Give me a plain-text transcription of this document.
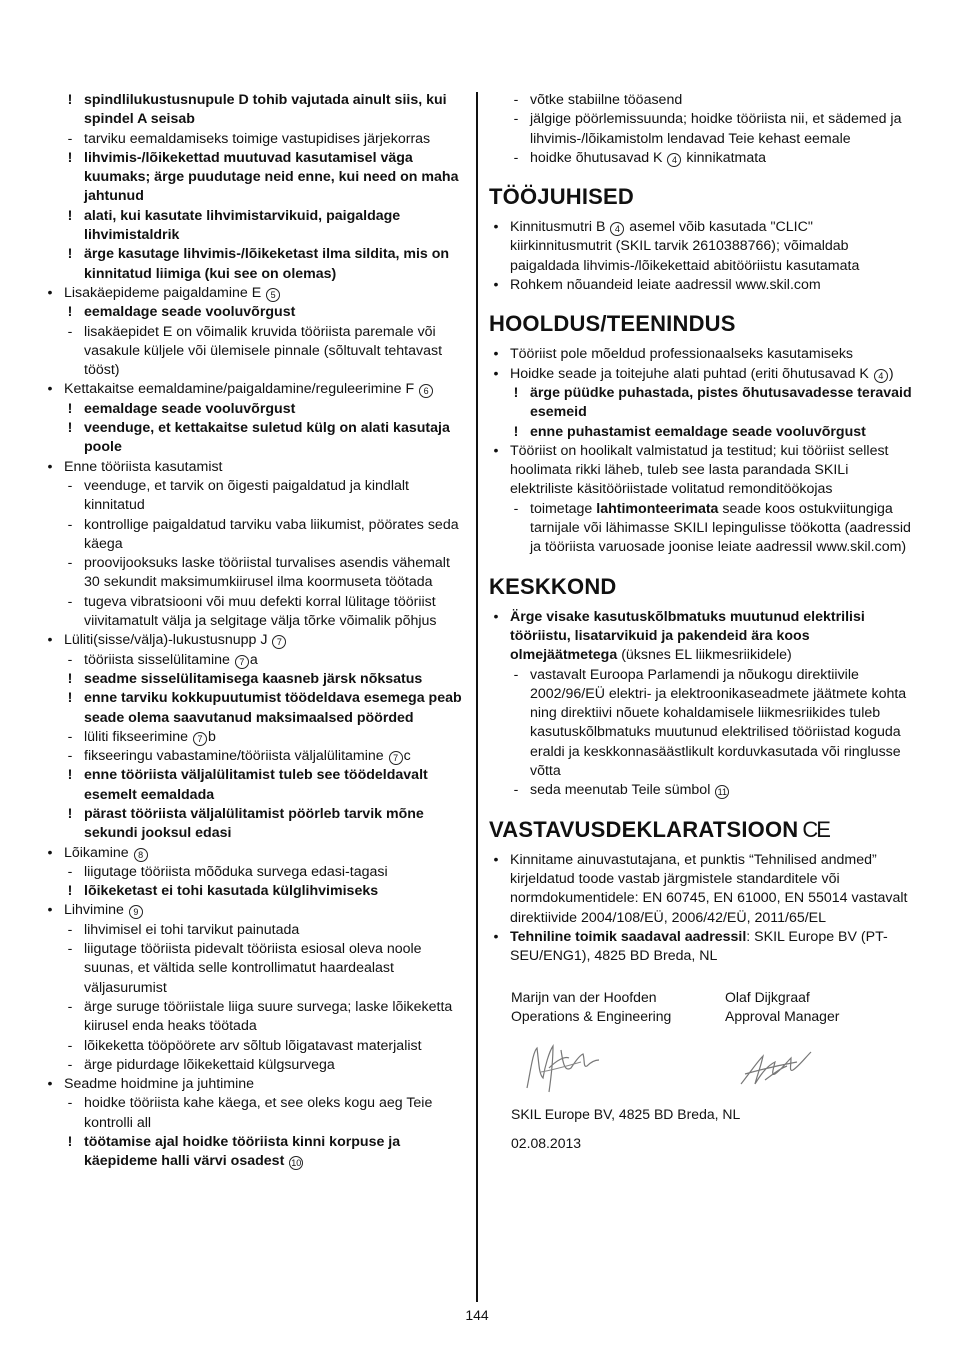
! spindlilukustusnupule D tohib vajutada ainult siis, kui spindel A seisab
- tarviku eemaldamiseks toimige vastupidises järjekorras
! lihvimis-/lõikekettad muutuvad kasutamisel väga kuumaks; ärge puudutage neid enne, kui need on maha jahtunud
! alati, kui kasutate lihvimistarvikuid, paigaldage lihvimistaldrik
! ärge kasutage lihvimis-/lõikeketast ilma sildita, mis on kinnitatud liimiga (kui see on olemas)
• Lisakäepideme paigaldamine E 5
! eemaldage seade vooluvõrgust
- lisakäepidet E on võimalik kruvida tööriista paremale või vasakule küljele või ülemisele pinnale (sõltuvalt tehtavast tööst)
• Kettakaitse eemaldamine/paigaldamine/reguleerimine F 6
! eemaldage seade vooluvõrgust
! veenduge, et kettakaitse suletud külg on alati kasutaja poole
• Enne tööriista kasutamist
- veenduge, et tarvik on õigesti paigaldatud ja kindlalt kinnitatud
- kontrollige paigaldatud tarviku vaba liikumist, pöörates seda käega
- proovijooksuks laske tööriistal turvalises asendis vähemalt 30 sekundit maksimumkiirusel ilma koormuseta töötada
- tugeva vibratsiooni või muu defekti korral lülitage tööriist viivitamatult välja ja selgitage välja tõrke võimalik põhjus
• Lüliti(sisse/välja)-lukustusnupp J 7
- tööriista sisselülitamine 7 a
! seadme sisselülitamisega kaasneb järsk nõksatus
! enne tarviku kokkupuutumist töödeldava esemega peab seade olema saavutanud maksimaalsed pöörded
- lüliti fikseerimine 7 b
- fikseeringu vabastamine/tööriista väljalülitamine 7 c
! enne tööriista väljalülitamist tuleb see töödeldavalt esemelt eemaldada
! pärast tööriista väljalülitamist pöörleb tarvik mõne sekundi jooksul edasi
• Lõikamine 8
- liigutage tööriista mõõduka survega edasi-tagasi
! lõikeketast ei tohi kasutada külglihvimiseks
• Lihvimine 9
- lihvimisel ei tohi tarvikut painutada
- liigutage tööriista pidevalt tööriista esiosal oleva noole suunas, et vältida selle kontrollimatut haardealast väljasurumist
- ärge suruge tööriistale liiga suure survega; laske lõikeketta kiirusel enda heaks töötada
- lõikeketta tööpöörete arv sõltub lõigatavast materjalist
- ärge pidurdage lõikekettaid külgsurvega
• Seadme hoidmine ja juhtimine
- hoidke tööriista kahe käega, et see oleks kogu aeg Teie kontrolli all
! töötamise ajal hoidke tööriista kinni korpuse ja käepideme halli värvi osadest 10
- võtke stabiilne tööasend
- jälgige pöörlemissuunda; hoidke tööriista nii, et sädemed ja lihvimis-/lõikamistolm lendavad Teie kehast eemale
- hoidke õhutusavad K 4 kinnikatmata
TÖÖJUHISED
• Kinnitusmutri B 4 asemel võib kasutada "CLIC" kiirkinnitusmutrit (SKIL tarvik 2610388766); võimaldab paigaldada lihvimis-/lõikekettaid abitööriistu kasutamata
• Rohkem nõuandeid leiate aadressil www.skil.com
HOOLDUS/TEENINDUS
• Tööriist pole mõeldud professionaalseks kasutamiseks
• Hoidke seade ja toitejuhe alati puhtad (eriti õhutusavad K 4 )
! ärge püüdke puhastada, pistes õhutusavadesse teravaid esemeid
! enne puhastamist eemaldage seade vooluvõrgust
• Tööriist on hoolikalt valmistatud ja testitud; kui tööriist sellest hoolimata rikki läheb, tuleb see lasta parandada SKILi elektriliste käsitööriistade volitatud remonditöökojas
- toimetage lahtimonteerimata seade koos ostukviitungiga tarnijale või lähimasse SKILI lepingulisse töökotta (aadressid ja tööriista varuosade joonise leiate aadressil www.skil.com)
KESKKOND
• Ärge visake kasutuskõlbmatuks muutunud elektrilisi tööriistu, lisatarvikuid ja pakendeid ära koos olmejäätmetega (üksnes EL liikmesriikidele)
- vastavalt Euroopa Parlamendi ja nõukogu direktiivile 2002/96/EÜ elektri- ja elektroonikaseadmete jäätmete kohta ning direktiivi nõuete kohaldamisele liikmesriikides tuleb kasutuskõlbmatuks muutunud elektrilised tööriistad koguda eraldi ja keskkonnasäästlikult korduvkasutada või ringlusse võtta
- seda meenutab Teile sümbol 11
VASTAVUSDEKLARATSIOON CE
• Kinnitame ainuvastutajana, et punktis “Tehnilised andmed” kirjeldatud toode vastab järgmistele standarditele või normdokumentidele: EN 60745, EN 61000, EN 55014 vastavalt direktiivide 2004/108/EÜ, 2006/42/EÜ, 2011/65/EL
• Tehniline toimik saadaval aadressil: SKIL Europe BV (PT-SEU/ENG1), 4825 BD Breda, NL
Marijn van der Hoofden
Operations & Engineering
Olaf Dijkgraaf
Approval Manager
SKIL Europe BV, 4825 BD Breda, NL
02.08.2013
144
